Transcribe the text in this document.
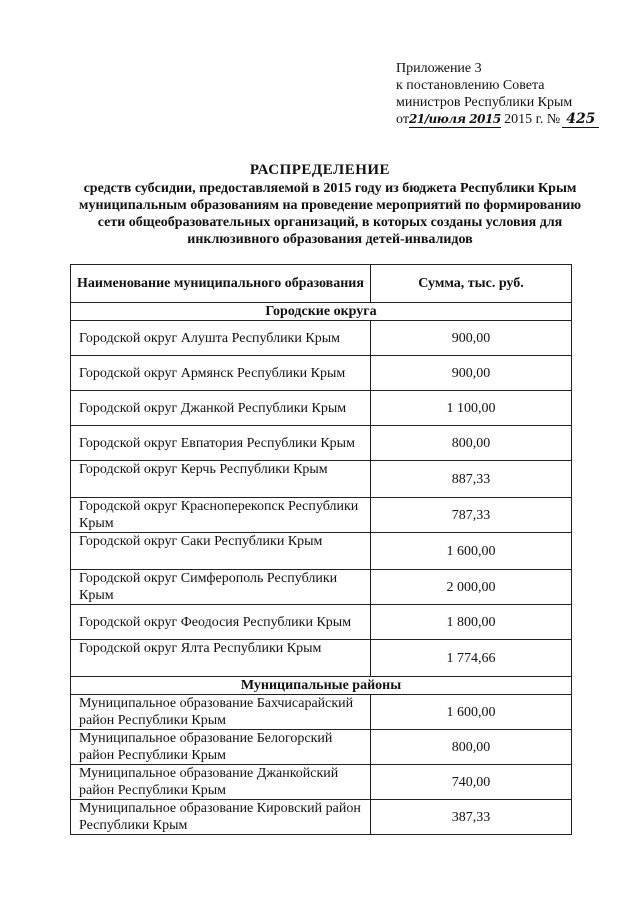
Приложение 3
к постановлению Совета
министров Республики Крым
от21/июля 2015 2015 г. № 425
РАСПРЕДЕЛЕНИЕ
средств субсидии, предоставляемой в 2015 году из бюджета Республики Крым муниципальным образованиям на проведение мероприятий по формированию сети общеобразовательных организаций, в которых созданы условия для инклюзивного образования детей-инвалидов
Наименование муниципального образования	Сумма, тыс. руб.
Городские округа	
Городской округ Алушта Республики Крым	900,00
Городской округ Армянск Республики Крым	900,00
Городской округ Джанкой Республики Крым	1 100,00
Городской округ Евпатория Республики Крым	800,00
Городской округ Керчь Республики Крым	887,33
Городской округ Красноперекопск Республики Крым	787,33
Городской округ Саки Республики Крым	1 600,00
Городской округ Симферополь Республики Крым	2 000,00
Городской округ Феодосия Республики Крым	1 800,00
Городской округ Ялта Республики Крым	1 774,66
Муниципальные районы	
Муниципальное образование Бахчисарайский район Республики Крым	1 600,00
Муниципальное образование Белогорский район Республики Крым	800,00
Муниципальное образование Джанкойский район Республики Крым	740,00
Муниципальное образование Кировский район Республики Крым	387,33
